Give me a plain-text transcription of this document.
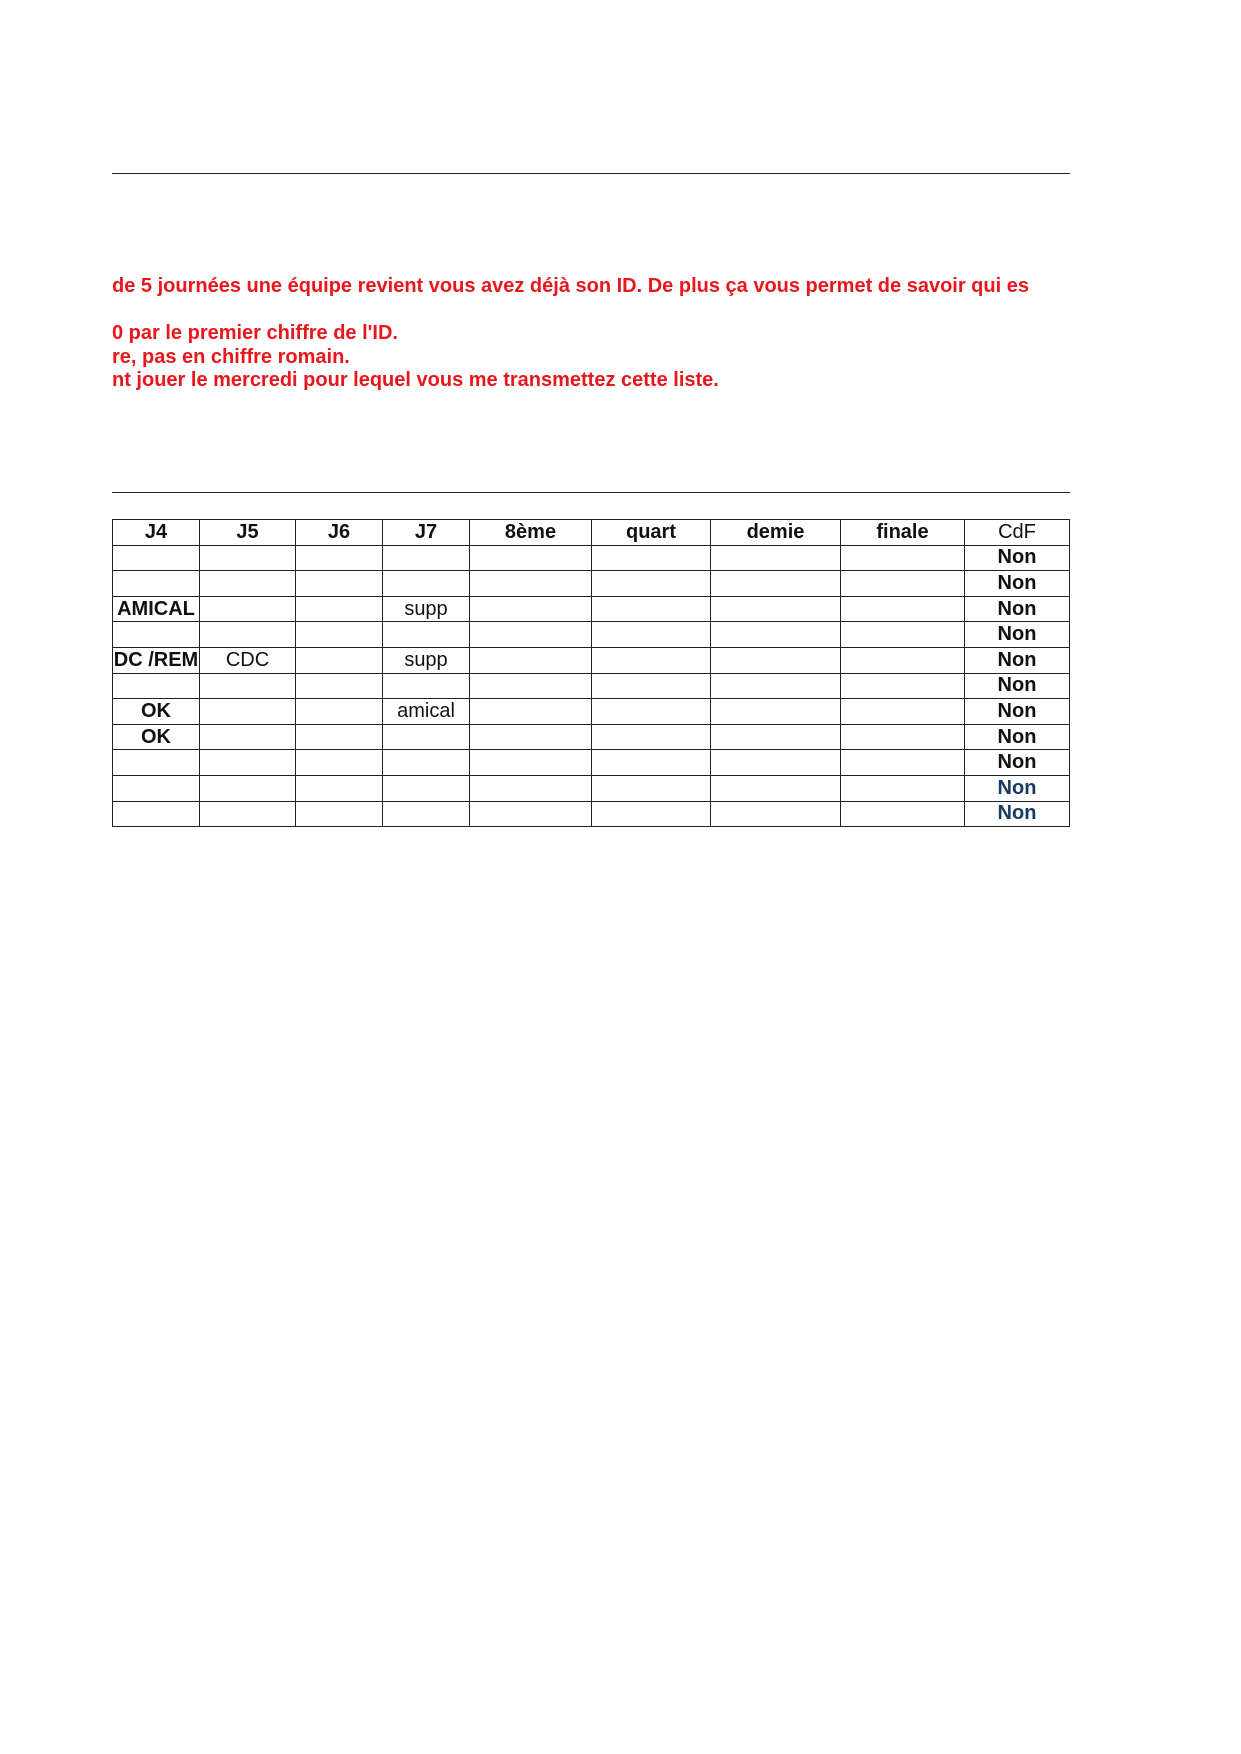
de 5 journées une équipe revient vous avez déjà son ID. De plus ça vous permet de savoir qui es
0 par le premier chiffre de l'ID.
re, pas en chiffre romain.
nt jouer le mercredi pour lequel vous me transmettez cette liste.
J4	J5	J6	J7	8ème	quart	demie	finale	CdF
								Non
								Non
AMICAL			supp					Non
								Non
DC /REM	CDC		supp					Non
								Non
OK			amical					Non
OK								Non
								Non
								Non
								Non
